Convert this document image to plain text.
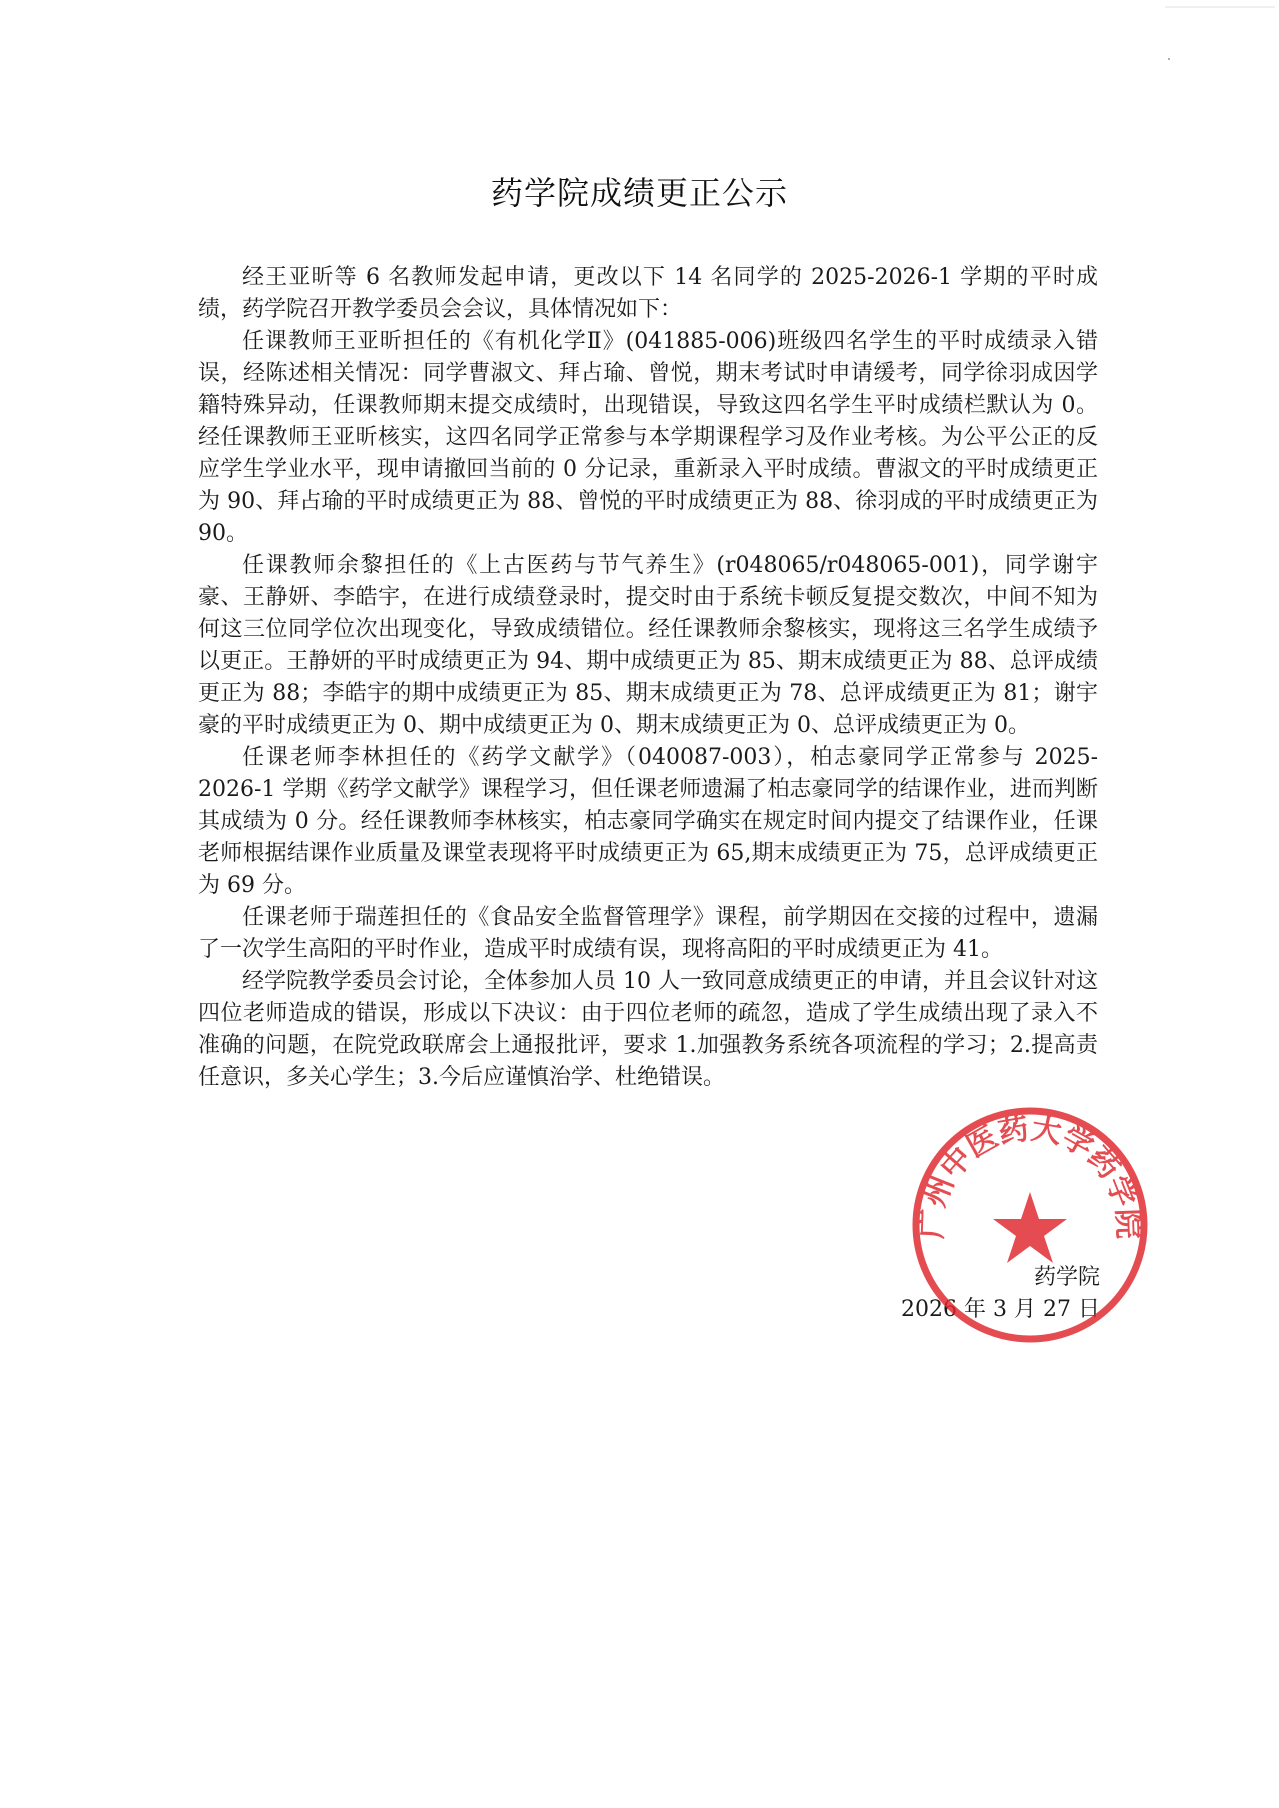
药学院成绩更正公示

经王亚昕等 6 名教师发起申请，更改以下 14 名同学的 2025-2026-1 学期的平时成绩，药学院召开教学委员会会议，具体情况如下：

任课教师王亚昕担任的《有机化学Ⅱ》(041885-006)班级四名学生的平时成绩录入错误，经陈述相关情况：同学曹淑文、拜占瑜、曾悦，期末考试时申请缓考，同学徐羽成因学籍特殊异动，任课教师期末提交成绩时，出现错误，导致这四名学生平时成绩栏默认为 0。经任课教师王亚昕核实，这四名同学正常参与本学期课程学习及作业考核。为公平公正的反应学生学业水平，现申请撤回当前的 0 分记录，重新录入平时成绩。曹淑文的平时成绩更正为 90、拜占瑜的平时成绩更正为 88、曾悦的平时成绩更正为 88、徐羽成的平时成绩更正为 90。

任课教师余黎担任的《上古医药与节气养生》(r048065/r048065-001)，同学谢宇豪、王静妍、李皓宇，在进行成绩登录时，提交时由于系统卡顿反复提交数次，中间不知为何这三位同学位次出现变化，导致成绩错位。经任课教师余黎核实，现将这三名学生成绩予以更正。王静妍的平时成绩更正为 94、期中成绩更正为 85、期末成绩更正为 88、总评成绩更正为 88；李皓宇的期中成绩更正为 85、期末成绩更正为 78、总评成绩更正为 81；谢宇豪的平时成绩更正为 0、期中成绩更正为 0、期末成绩更正为 0、总评成绩更正为 0。

任课老师李林担任的《药学文献学》（040087-003），柏志豪同学正常参与 2025-2026-1 学期《药学文献学》课程学习，但任课老师遗漏了柏志豪同学的结课作业，进而判断其成绩为 0 分。经任课教师李林核实，柏志豪同学确实在规定时间内提交了结课作业，任课老师根据结课作业质量及课堂表现将平时成绩更正为 65,期末成绩更正为 75，总评成绩更正为 69 分。

任课老师于瑞莲担任的《食品安全监督管理学》课程，前学期因在交接的过程中，遗漏了一次学生高阳的平时作业，造成平时成绩有误，现将高阳的平时成绩更正为 41。

经学院教学委员会讨论，全体参加人员 10 人一致同意成绩更正的申请，并且会议针对这四位老师造成的错误，形成以下决议：由于四位老师的疏忽，造成了学生成绩出现了录入不准确的问题，在院党政联席会上通报批评，要求 1.加强教务系统各项流程的学习；2.提高责任意识，多关心学生；3.今后应谨慎治学、杜绝错误。

药学院
2026 年 3 月 27 日
广州中医药大学药学院
